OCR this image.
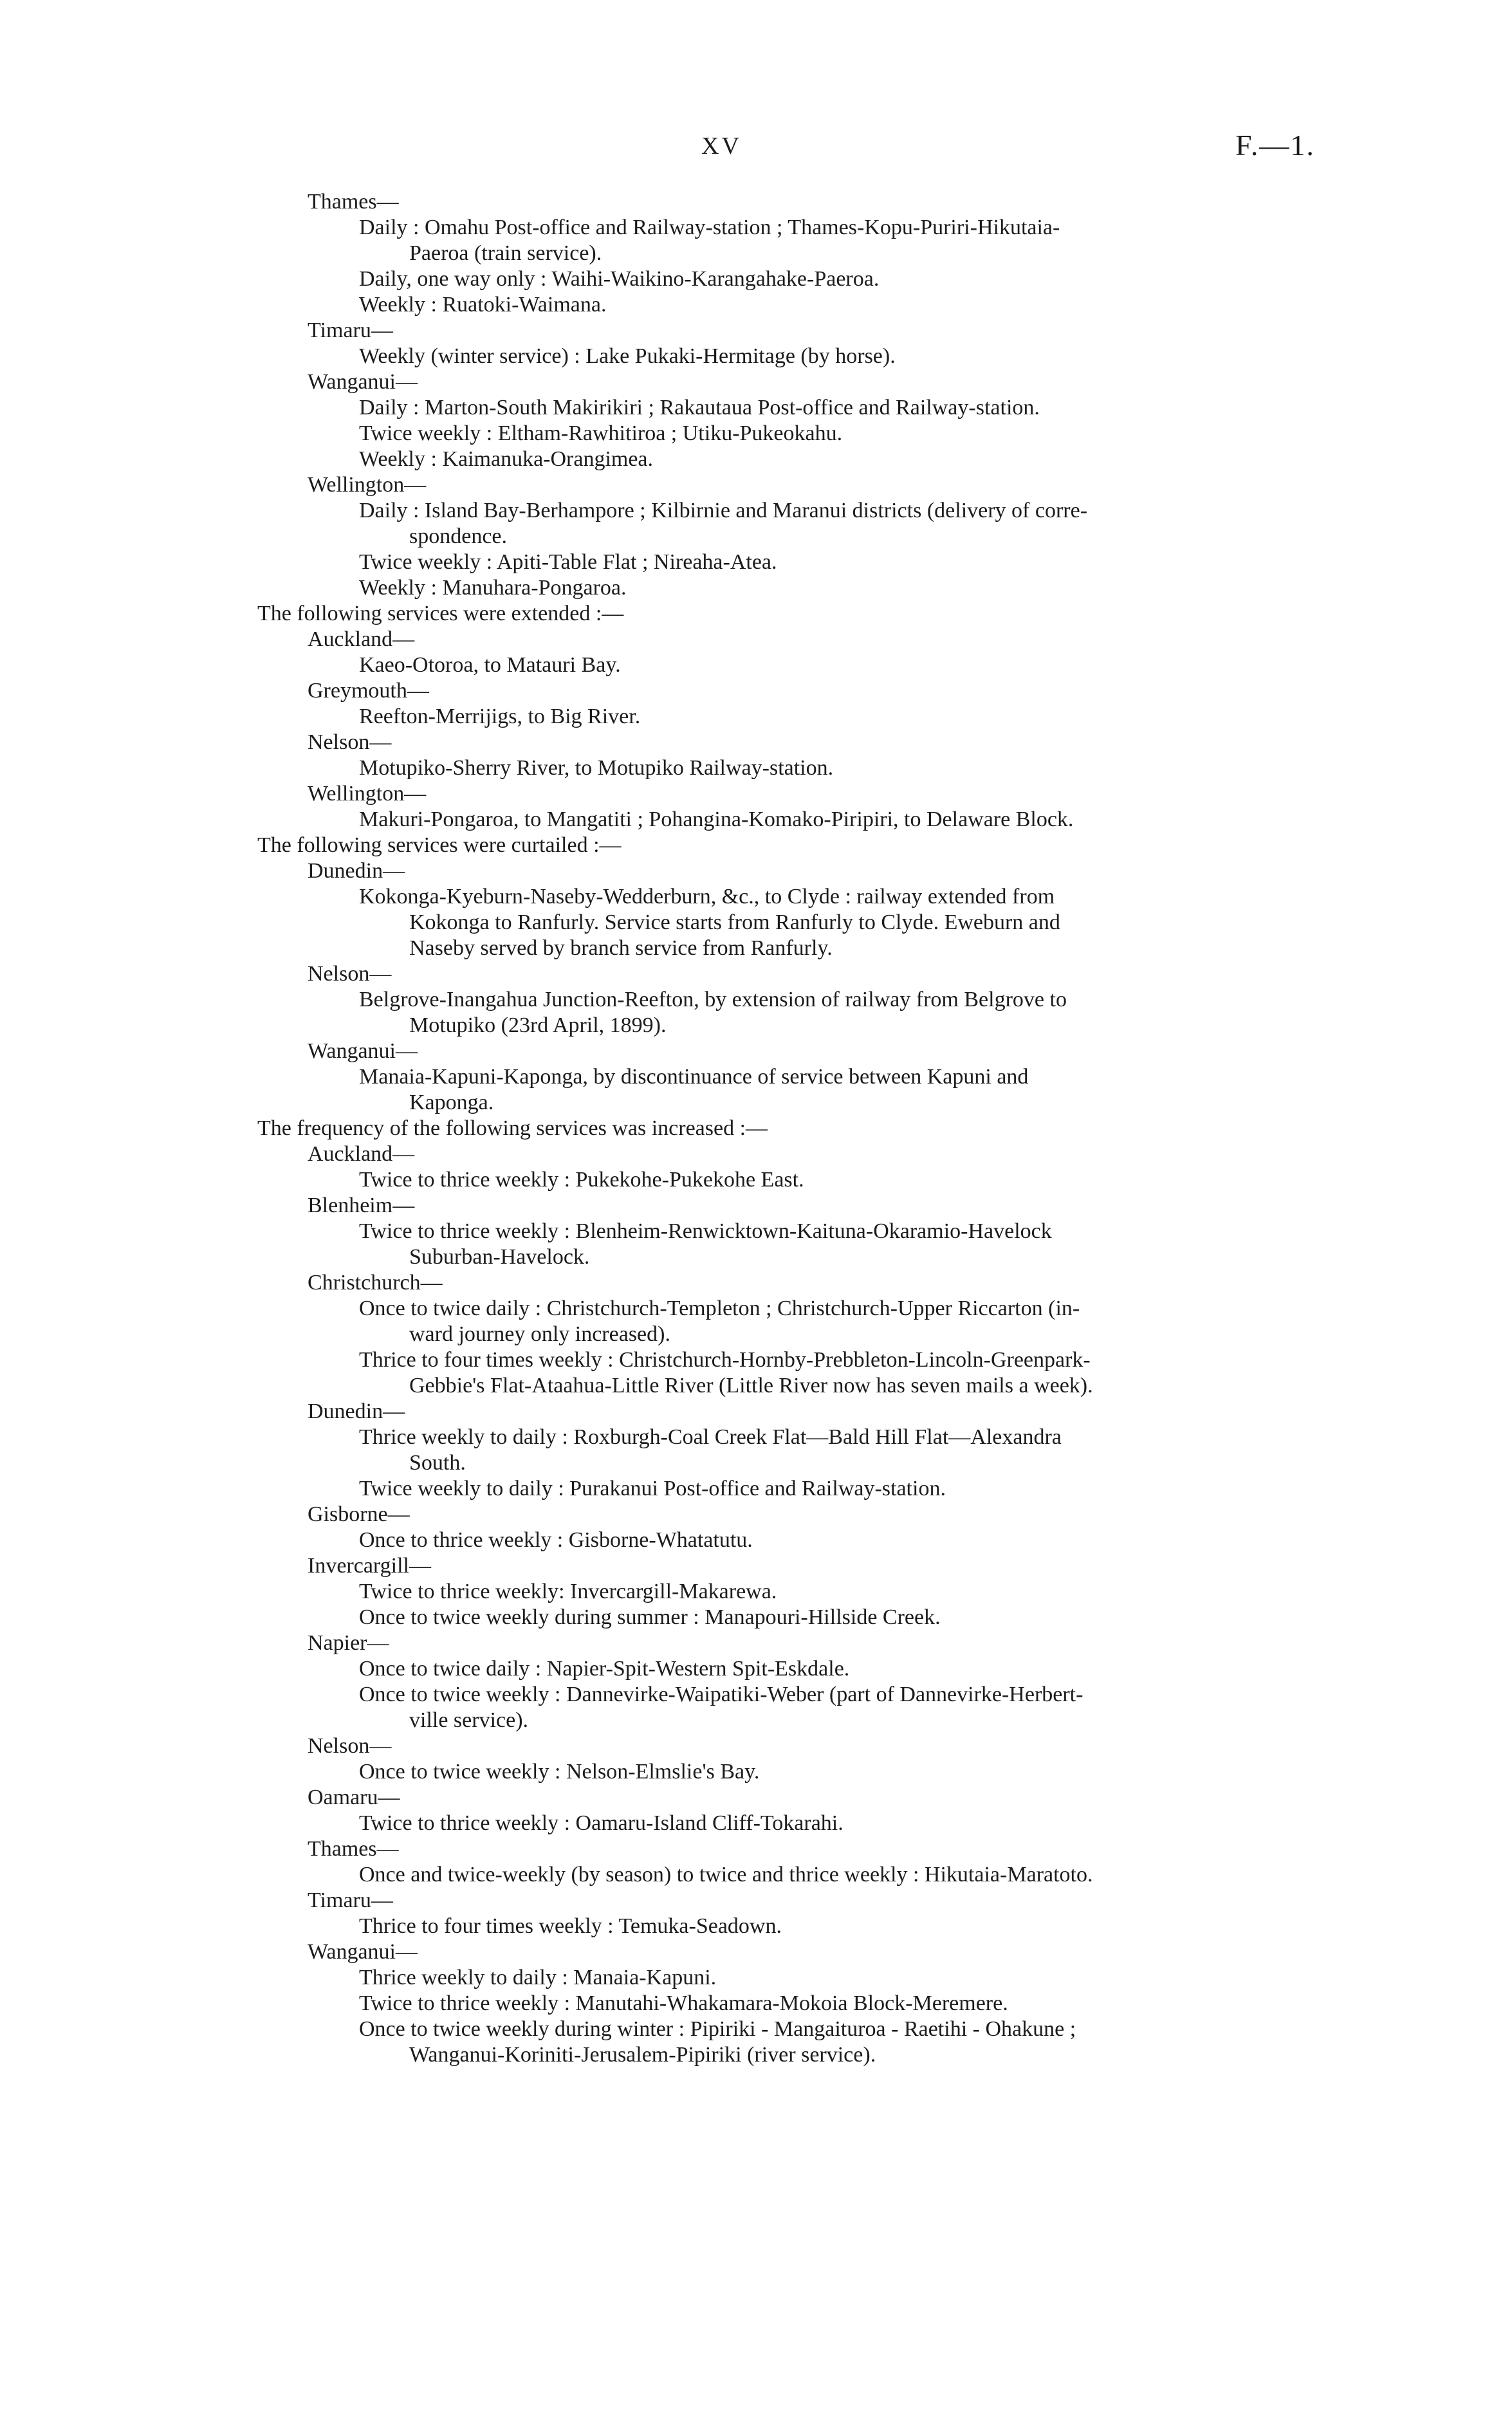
XV	F.—1.
Thames—
Daily : Omahu Post-office and Railway-station ; Thames-Kopu-Puriri-Hikutaia-
Paeroa (train service).
Daily, one way only : Waihi-Waikino-Karangahake-Paeroa.
Weekly : Ruatoki-Waimana.
Timaru—
Weekly (winter service) : Lake Pukaki-Hermitage (by horse).
Wanganui—
Daily : Marton-South Makirikiri ; Rakautaua Post-office and Railway-station.
Twice weekly : Eltham-Rawhitiroa ; Utiku-Pukeokahu.
Weekly : Kaimanuka-Orangimea.
Wellington—
Daily : Island Bay-Berhampore ; Kilbirnie and Maranui districts (delivery of corre-
spondence.
Twice weekly : Apiti-Table Flat ; Nireaha-Atea.
Weekly : Manuhara-Pongaroa.
The following services were extended :—
Auckland—
Kaeo-Otoroa, to Matauri Bay.
Greymouth—
Reefton-Merrijigs, to Big River.
Nelson—
Motupiko-Sherry River, to Motupiko Railway-station.
Wellington—
Makuri-Pongaroa, to Mangatiti ; Pohangina-Komako-Piripiri, to Delaware Block.
The following services were curtailed :—
Dunedin—
Kokonga-Kyeburn-Naseby-Wedderburn, &c., to Clyde : railway extended from
Kokonga to Ranfurly. Service starts from Ranfurly to Clyde. Eweburn and
Naseby served by branch service from Ranfurly.
Nelson—
Belgrove-Inangahua Junction-Reefton, by extension of railway from Belgrove to
Motupiko (23rd April, 1899).
Wanganui—
Manaia-Kapuni-Kaponga, by discontinuance of service between Kapuni and
Kaponga.
The frequency of the following services was increased :—
Auckland—
Twice to thrice weekly : Pukekohe-Pukekohe East.
Blenheim—
Twice to thrice weekly : Blenheim-Renwicktown-Kaituna-Okaramio-Havelock
Suburban-Havelock.
Christchurch—
Once to twice daily : Christchurch-Templeton ; Christchurch-Upper Riccarton (in-
ward journey only increased).
Thrice to four times weekly : Christchurch-Hornby-Prebbleton-Lincoln-Greenpark-
Gebbie's Flat-Ataahua-Little River (Little River now has seven mails a week).
Dunedin—
Thrice weekly to daily : Roxburgh-Coal Creek Flat—Bald Hill Flat—Alexandra
South.
Twice weekly to daily : Purakanui Post-office and Railway-station.
Gisborne—
Once to thrice weekly : Gisborne-Whatatutu.
Invercargill—
Twice to thrice weekly: Invercargill-Makarewa.
Once to twice weekly during summer : Manapouri-Hillside Creek.
Napier—
Once to twice daily : Napier-Spit-Western Spit-Eskdale.
Once to twice weekly : Dannevirke-Waipatiki-Weber (part of Dannevirke-Herbert-
ville service).
Nelson—
Once to twice weekly : Nelson-Elmslie's Bay.
Oamaru—
Twice to thrice weekly : Oamaru-Island Cliff-Tokarahi.
Thames—
Once and twice-weekly (by season) to twice and thrice weekly : Hikutaia-Maratoto.
Timaru—
Thrice to four times weekly : Temuka-Seadown.
Wanganui—
Thrice weekly to daily : Manaia-Kapuni.
Twice to thrice weekly : Manutahi-Whakamara-Mokoia Block-Meremere.
Once to twice weekly during winter : Pipiriki - Mangaituroa - Raetihi - Ohakune ;
Wanganui-Koriniti-Jerusalem-Pipiriki (river service).
